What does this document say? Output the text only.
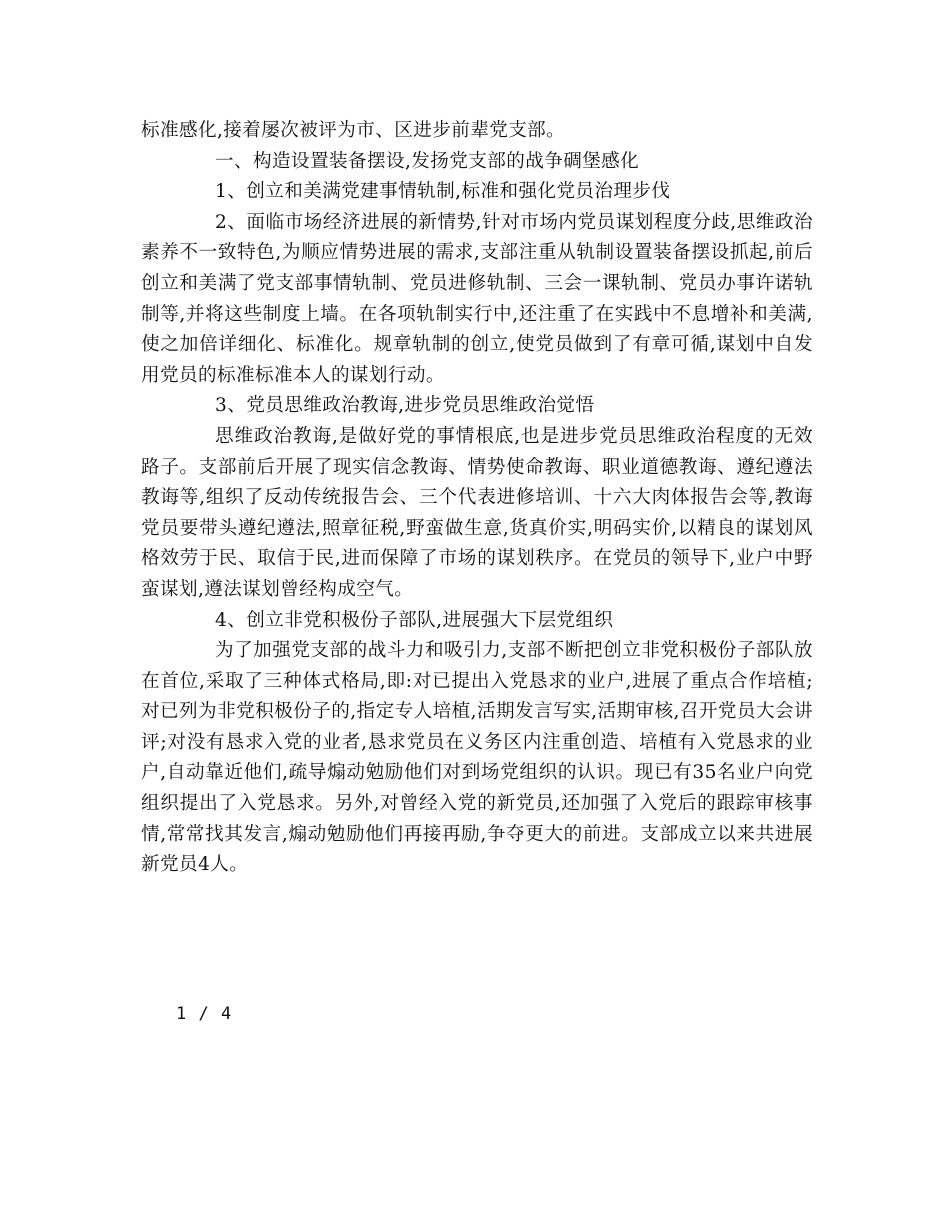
标准感化,接着屡次被评为市、区进步前辈党支部。

一、构造设置装备摆设,发扬党支部的战争碉堡感化

1、创立和美满党建事情轨制,标准和强化党员治理步伐

2、面临市场经济进展的新情势,针对市场内党员谋划程度分歧,思维政治素养不一致特色,为顺应情势进展的需求,支部注重从轨制设置装备摆设抓起,前后创立和美满了党支部事情轨制、党员进修轨制、三会一课轨制、党员办事许诺轨制等,并将这些制度上墙。在各项轨制实行中,还注重了在实践中不息增补和美满,使之加倍详细化、标准化。规章轨制的创立,使党员做到了有章可循,谋划中自发用党员的标准标准本人的谋划行动。

3、党员思维政治教诲,进步党员思维政治觉悟

思维政治教诲,是做好党的事情根底,也是进步党员思维政治程度的无效路子。支部前后开展了现实信念教诲、情势使命教诲、职业道德教诲、遵纪遵法教诲等,组织了反动传统报告会、三个代表进修培训、十六大肉体报告会等,教诲党员要带头遵纪遵法,照章征税,野蛮做生意,货真价实,明码实价,以精良的谋划风格效劳于民、取信于民,进而保障了市场的谋划秩序。在党员的领导下,业户中野蛮谋划,遵法谋划曾经构成空气。

4、创立非党积极份子部队,进展强大下层党组织

为了加强党支部的战斗力和吸引力,支部不断把创立非党积极份子部队放在首位,采取了三种体式格局,即:对已提出入党恳求的业户,进展了重点合作培植;对已列为非党积极份子的,指定专人培植,活期发言写实,活期审核,召开党员大会讲评;对没有恳求入党的业者,恳求党员在义务区内注重创造、培植有入党恳求的业户,自动靠近他们,疏导煽动勉励他们对到场党组织的认识。现已有35名业户向党组织提出了入党恳求。另外,对曾经入党的新党员,还加强了入党后的跟踪审核事情,常常找其发言,煽动勉励他们再接再励,争夺更大的前进。支部成立以来共进展新党员4人。

1 / 4
